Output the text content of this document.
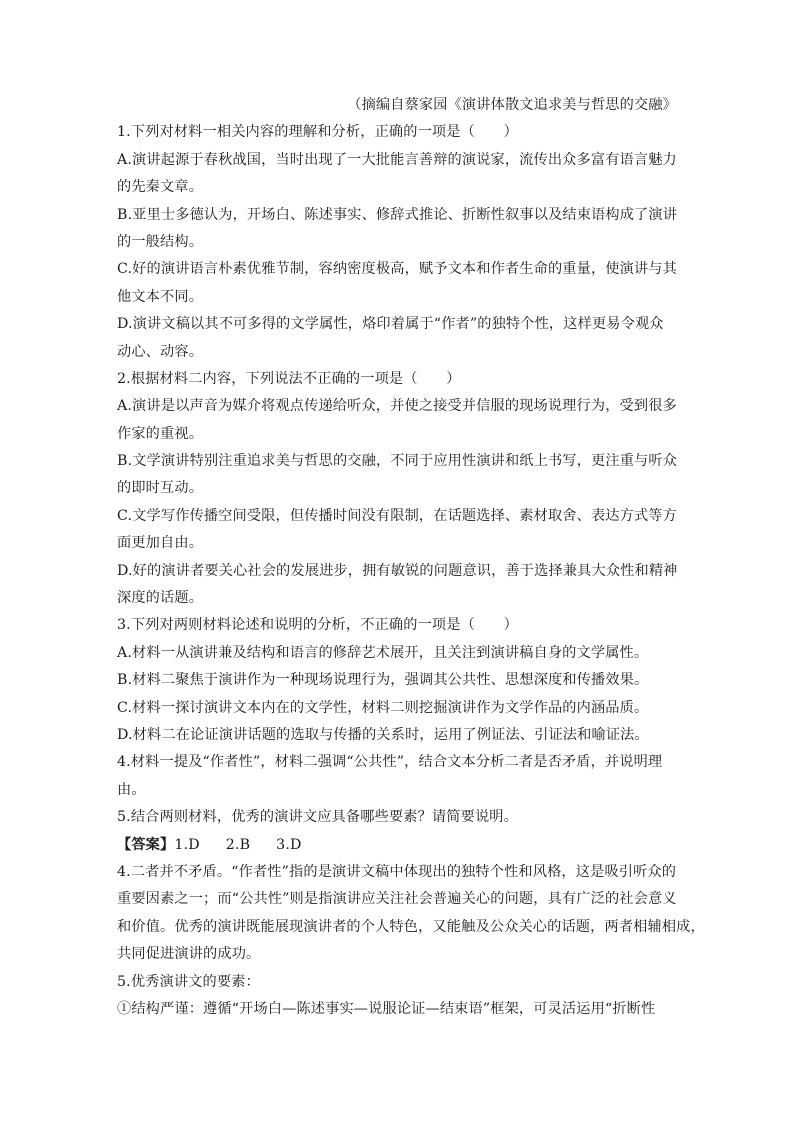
（摘编自蔡家园《演讲体散文追求美与哲思的交融》
1.下列对材料一相关内容的理解和分析，正确的一项是（　　）
A.演讲起源于春秋战国，当时出现了一大批能言善辩的演说家，流传出众多富有语言魅力
的先秦文章。
B.亚里士多德认为，开场白、陈述事实、修辞式推论、折断性叙事以及结束语构成了演讲
的一般结构。
C.好的演讲语言朴素优雅节制，容纳密度极高，赋予文本和作者生命的重量，使演讲与其
他文本不同。
D.演讲文稿以其不可多得的文学属性，烙印着属于“作者”的独特个性，这样更易令观众
动心、动容。
2.根据材料二内容，下列说法不正确的一项是（　　）
A.演讲是以声音为媒介将观点传递给听众，并使之接受并信服的现场说理行为，受到很多
作家的重视。
B.文学演讲特别注重追求美与哲思的交融，不同于应用性演讲和纸上书写，更注重与听众
的即时互动。
C.文学写作传播空间受限，但传播时间没有限制，在话题选择、素材取舍、表达方式等方
面更加自由。
D.好的演讲者要关心社会的发展进步，拥有敏锐的问题意识，善于选择兼具大众性和精神
深度的话题。
3.下列对两则材料论述和说明的分析，不正确的一项是（　　）
A.材料一从演讲兼及结构和语言的修辞艺术展开，且关注到演讲稿自身的文学属性。
B.材料二聚焦于演讲作为一种现场说理行为，强调其公共性、思想深度和传播效果。
C.材料一探讨演讲文本内在的文学性，材料二则挖掘演讲作为文学作品的内涵品质。
D.材料二在论证演讲话题的选取与传播的关系时，运用了例证法、引证法和喻证法。
4.材料一提及“作者性”，材料二强调“公共性”，结合文本分析二者是否矛盾，并说明理
由。
5.结合两则材料，优秀的演讲文应具备哪些要素？请简要说明。
【答案】1.D 2.B 3.D
4.二者并不矛盾。“作者性”指的是演讲文稿中体现出的独特个性和风格，这是吸引听众的
重要因素之一；而“公共性”则是指演讲应关注社会普遍关心的问题，具有广泛的社会意义
和价值。优秀的演讲既能展现演讲者的个人特色，又能触及公众关心的话题，两者相辅相成，
共同促进演讲的成功。
5.优秀演讲文的要素：
①结构严谨：遵循“开场白—陈述事实—说服论证—结束语”框架，可灵活运用“折断性
